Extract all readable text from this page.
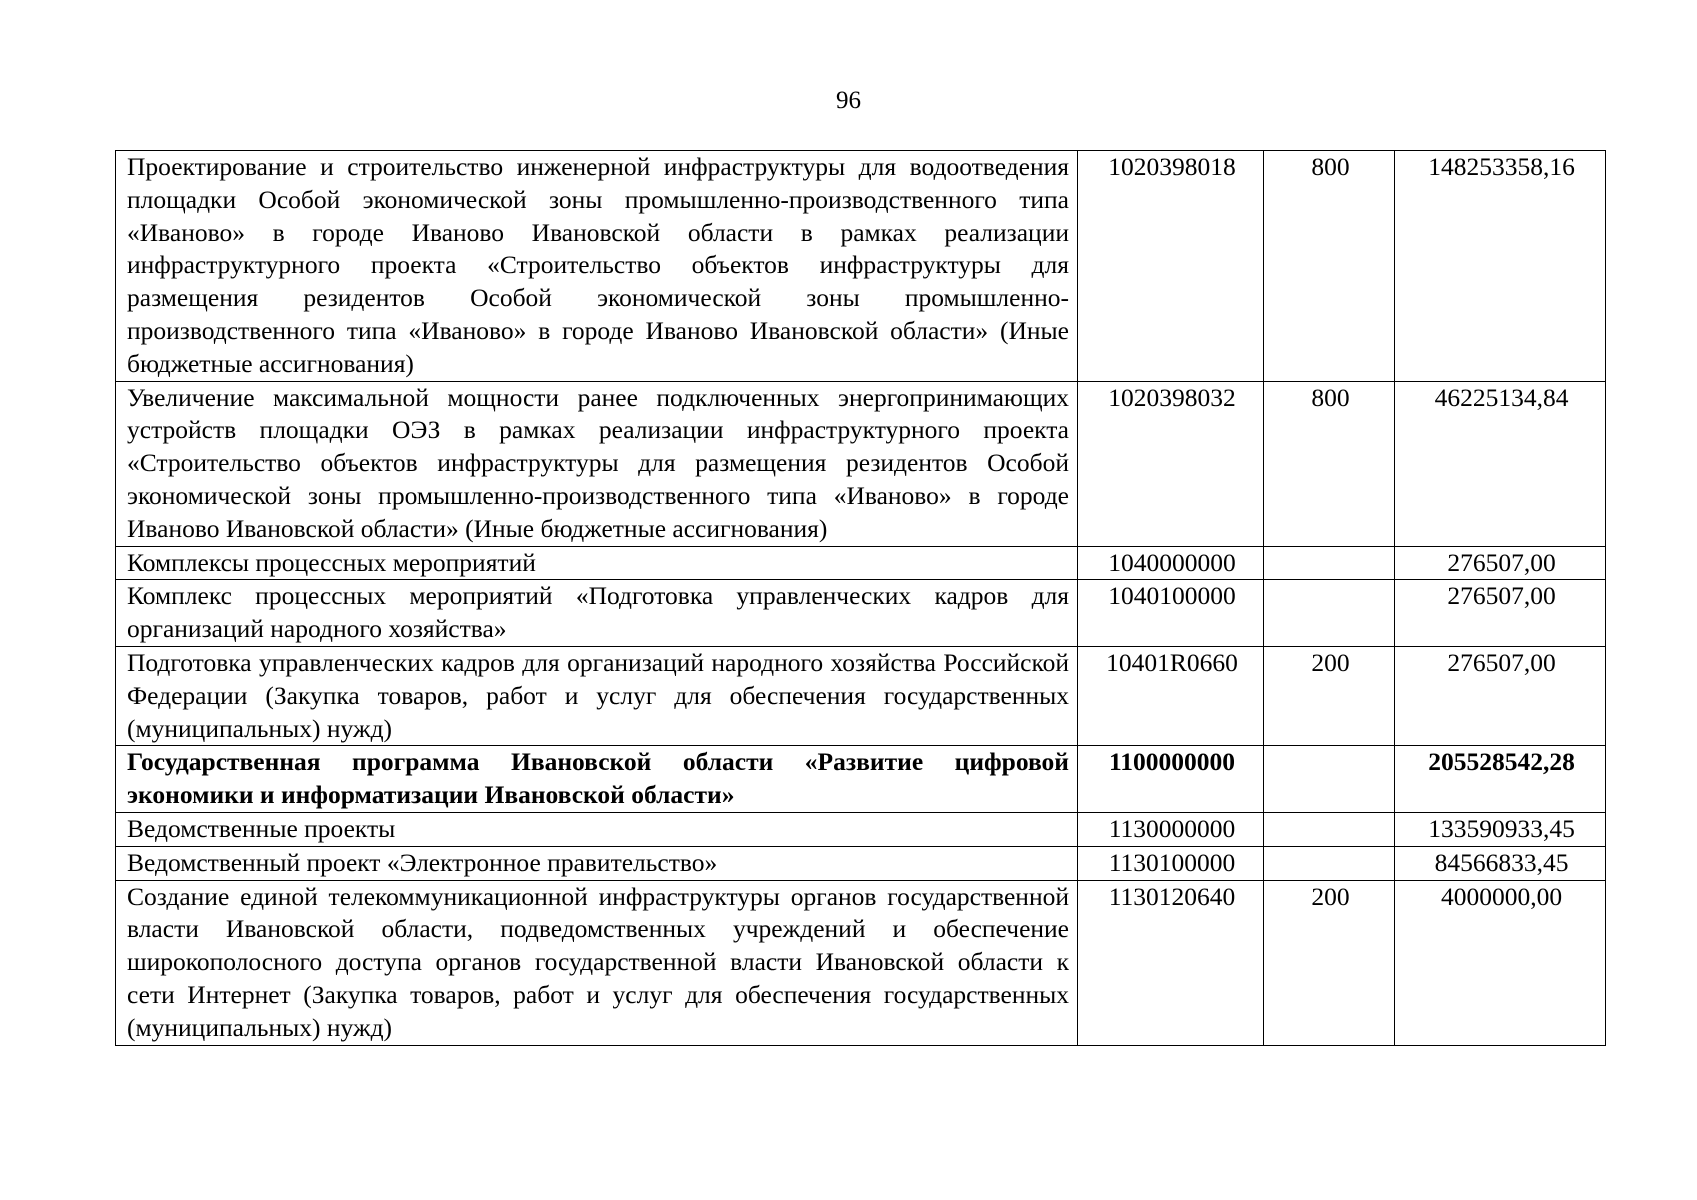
96
Проектирование и строительство инженерной инфраструктуры для водоотведения площадки Особой экономической зоны промышленно-производственного типа «Иваново» в городе Иваново Ивановской области в рамках реализации инфраструктурного проекта «Строительство объектов инфраструктуры для размещения резидентов Особой экономической зоны промышленно-производственного типа «Иваново» в городе Иваново Ивановской области» (Иные бюджетные ассигнования)	1020398018	800	148253358,16
Увеличение максимальной мощности ранее подключенных энергопринимающих устройств площадки ОЭЗ в рамках реализации инфраструктурного проекта «Строительство объектов инфраструктуры для размещения резидентов Особой экономической зоны промышленно-производственного типа «Иваново» в городе Иваново Ивановской области» (Иные бюджетные ассигнования)	1020398032	800	46225134,84
Комплексы процессных мероприятий	1040000000		276507,00
Комплекс процессных мероприятий «Подготовка управленческих кадров для организаций народного хозяйства»	1040100000		276507,00
Подготовка управленческих кадров для организаций народного хозяйства Российской Федерации (Закупка товаров, работ и услуг для обеспечения государственных (муниципальных) нужд)	10401R0660	200	276507,00
Государственная программа Ивановской области «Развитие цифровой экономики и информатизации Ивановской области»	1100000000		205528542,28
Ведомственные проекты	1130000000		133590933,45
Ведомственный проект «Электронное правительство»	1130100000		84566833,45
Создание единой телекоммуникационной инфраструктуры органов государственной власти Ивановской области, подведомственных учреждений и обеспечение широкополосного доступа органов государственной власти Ивановской области к сети Интернет (Закупка товаров, работ и услуг для обеспечения государственных (муниципальных) нужд)	1130120640	200	4000000,00
